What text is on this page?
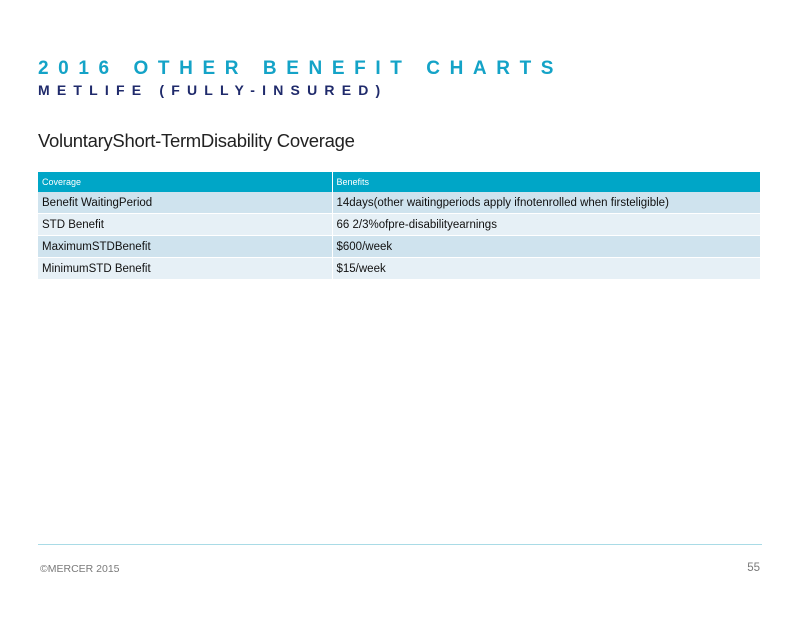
2016 OTHER BENEFIT CHARTS
METLIFE (FULLY-INSURED)
VoluntaryShort-TermDisability Coverage
Coverage	Benefits
Benefit WaitingPeriod	14days(other waitingperiods apply ifnotenrolled when firsteligible)
STD Benefit	66 2/3%ofpre-disabilityearnings
MaximumSTDBenefit	$600/week
MinimumSTD Benefit	$15/week
©MERCER 2015	55
